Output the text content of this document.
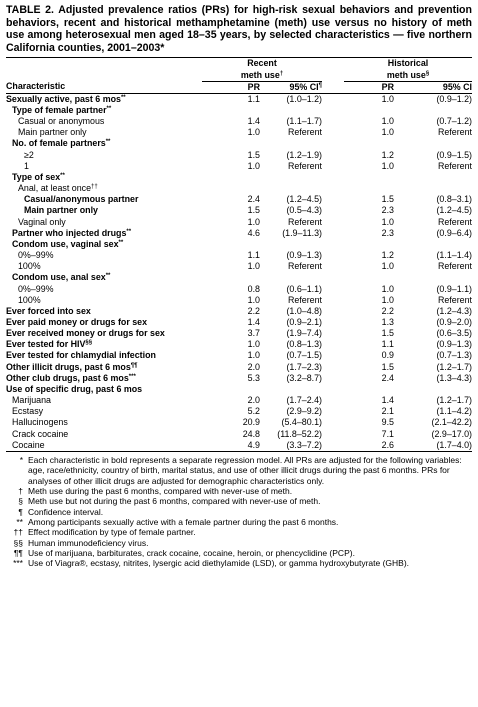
TABLE 2. Adjusted prevalence ratios (PRs) for high-risk sexual behaviors and prevention behaviors, recent and historical methamphetamine (meth) use versus no history of meth use among heterosexual men aged 18–35 years, by selected characteristics — five northern California counties, 2001–2003*
	Recent			Historical	
	meth use†			meth use§
Characteristic	PR	95% CI¶		PR	95% CI
Sexually active, past 6 mos**	1.1	(1.0–1.2)		1.0	(0.9–1.2)
Type of female partner**					
Casual or anonymous	1.4	(1.1–1.7)		1.0	(0.7–1.2)
Main partner only	1.0	Referent		1.0	Referent
No. of female partners**					
≥2	1.5	(1.2–1.9)		1.2	(0.9–1.5)
1	1.0	Referent		1.0	Referent
Type of sex**					
Anal, at least once††					
Casual/anonymous partner	2.4	(1.2–4.5)		1.5	(0.8–3.1)
Main partner only	1.5	(0.5–4.3)		2.3	(1.2–4.5)
Vaginal only	1.0	Referent		1.0	Referent
Partner who injected drugs**	4.6	(1.9–11.3)		2.3	(0.9–6.4)
Condom use, vaginal sex**					
0%–99%	1.1	(0.9–1.3)		1.2	(1.1–1.4)
100%	1.0	Referent		1.0	Referent
Condom use, anal sex**					
0%–99%	0.8	(0.6–1.1)		1.0	(0.9–1.1)
100%	1.0	Referent		1.0	Referent
Ever forced into sex	2.2	(1.0–4.8)		2.2	(1.2–4.3)
Ever paid money or drugs for sex	1.4	(0.9–2.1)		1.3	(0.9–2.0)
Ever received money or drugs for sex	3.7	(1.9–7.4)		1.5	(0.6–3.5)
Ever tested for HIV§§	1.0	(0.8–1.3)		1.1	(0.9–1.3)
Ever tested for chlamydial infection	1.0	(0.7–1.5)		0.9	(0.7–1.3)
Other illicit drugs, past 6 mos¶¶	2.0	(1.7–2.3)		1.5	(1.2–1.7)
Other club drugs, past 6 mos***	5.3	(3.2–8.7)		2.4	(1.3–4.3)
Use of specific drug, past 6 mos					
Marijuana	2.0	(1.7–2.4)		1.4	(1.2–1.7)
Ecstasy	5.2	(2.9–9.2)		2.1	(1.1–4.2)
Hallucinogens	20.9	(5.4–80.1)		9.5	(2.1–42.2)
Crack cocaine	24.8	(11.8–52.2)		7.1	(2.9–17.0)
Cocaine	4.9	(3.3–7.2)		2.6	(1.7–4.0)
* Each characteristic in bold represents a separate regression model. All PRs are adjusted for the following variables: age, race/ethnicity, country of birth, marital status, and use of other illicit drugs during the past 6 months. PRs for analyses of other illicit drugs are adjusted for demographic characteristics only.
† Meth use during the past 6 months, compared with never-use of meth.
§ Meth use but not during the past 6 months, compared with never-use of meth.
¶ Confidence interval.
** Among participants sexually active with a female partner during the past 6 months.
†† Effect modification by type of female partner.
§§ Human immunodeficiency virus.
¶¶ Use of marijuana, barbiturates, crack cocaine, cocaine, heroin, or phencyclidine (PCP).
*** Use of Viagra®, ecstasy, nitrites, lysergic acid diethylamide (LSD), or gamma hydroxybutyrate (GHB).
